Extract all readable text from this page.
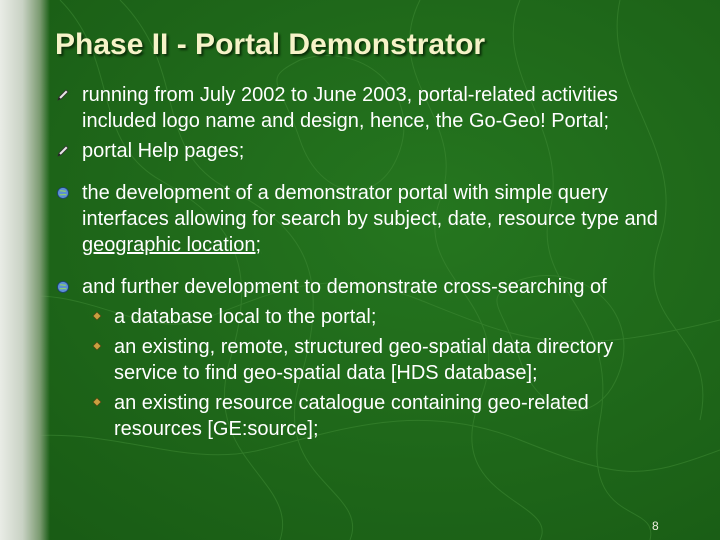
Phase II - Portal Demonstrator
running from July 2002 to June 2003, portal-related activities included logo name and design, hence, the Go-Geo! Portal;
portal Help pages;
the development of a demonstrator portal with simple query interfaces allowing for search by subject, date, resource type and geographic location;
and further development to demonstrate cross-searching of
a database local to the portal;
an existing, remote, structured geo-spatial data directory service to find geo-spatial data [HDS database];
an existing resource catalogue containing geo-related resources [GE:source];
8
